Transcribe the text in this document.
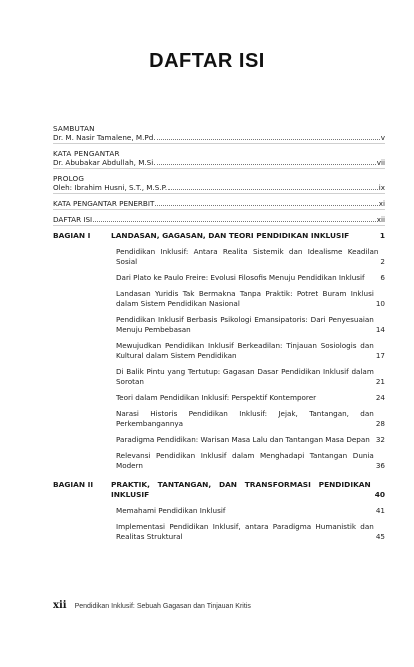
DAFTAR ISI
SAMBUTAN
Dr. M. Nasir Tamalene, M.Pd.	v
KATA PENGANTAR
Dr. Abubakar Abdullah, M.Si.	vii
PROLOG
Oleh: Ibrahim Husni, S.T., M.S.P.	ix
KATA PENGANTAR PENERBIT	xi
DAFTAR ISI	xii
BAGIAN I	LANDASAN, GAGASAN, DAN TEORI PENDIDIKAN INKLUSIF	1
Pendidikan Inklusif: Antara Realita Sistemik dan Idealisme Keadilan Sosial	2
Dari Plato ke Paulo Freire: Evolusi Filosofis Menuju Pendidikan Inklusif	6
Landasan Yuridis Tak Bermakna Tanpa Praktik: Potret Buram Inklusi dalam Sistem Pendidikan Nasional	10
Pendidikan Inklusif Berbasis Psikologi Emansipatoris: Dari Penyesuaian Menuju Pembebasan	14
Mewujudkan Pendidikan Inklusif Berkeadilan: Tinjauan Sosiologis dan Kultural dalam Sistem Pendidikan	17
Di Balik Pintu yang Tertutup: Gagasan Dasar Pendidikan Inklusif dalam Sorotan	21
Teori dalam Pendidikan Inklusif: Perspektif Kontemporer	24
Narasi Historis Pendidikan Inklusif: Jejak, Tantangan, dan Perkembangannya	28
Paradigma Pendidikan: Warisan Masa Lalu dan Tantangan Masa Depan 32
Relevansi Pendidikan Inklusif dalam Menghadapi Tantangan Dunia Modern	36
BAGIAN II	PRAKTIK, TANTANGAN, DAN TRANSFORMASI PENDIDIKAN INKLUSIF	40
Memahami Pendidikan Inklusif	41
Implementasi Pendidikan Inklusif, antara Paradigma Humanistik dan Realitas Struktural	45
xii Pendidikan Inklusif: Sebuah Gagasan dan Tinjauan Kritis
